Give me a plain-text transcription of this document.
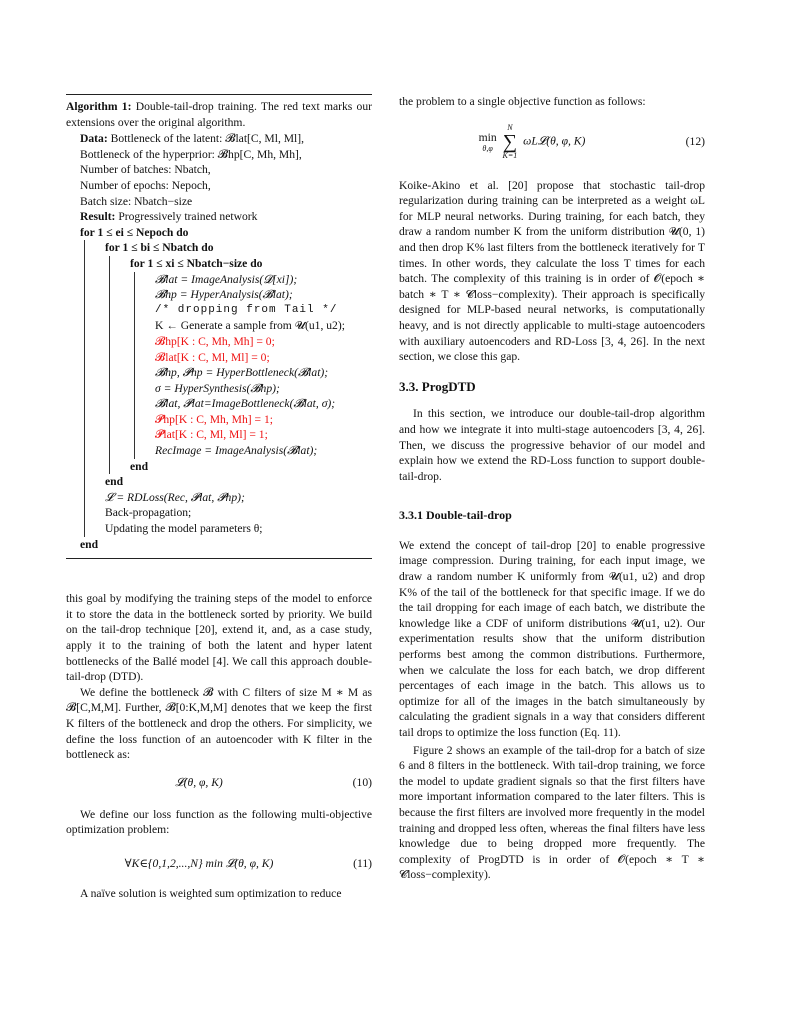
Algorithm 1: Double-tail-drop training. The red text marks our extensions over the original algorithm.
Data: Bottleneck of the latent: 𝓑lat[C, Ml, Ml],
Bottleneck of the hyperprior: 𝓑hp[C, Mh, Mh],
Number of batches: Nbatch,
Number of epochs: Nepoch,
Batch size: Nbatch−size
Result: Progressively trained network
for 1 ≤ ei ≤ Nepoch do
for 1 ≤ bi ≤ Nbatch do
for 1 ≤ xi ≤ Nbatch−size do
𝓑lat = ImageAnalysis(𝓓[xi]);
𝓑hp = HyperAnalysis(𝓑lat);
/* dropping from Tail */
K ← Generate a sample from 𝓤(u1, u2);
𝓑hp[K : C, Mh, Mh] = 0;
𝓑lat[K : C, Ml, Ml] = 0;
𝓑hp, 𝓟hp = HyperBottleneck(𝓑lat);
σ = HyperSynthesis(𝓑hp);
𝓑lat, 𝓟lat=ImageBottleneck(𝓑lat, σ);
𝓟hp[K : C, Mh, Mh] = 1;
𝓟lat[K : C, Ml, Ml] = 1;
RecImage = ImageAnalysis(𝓑lat);
end
end
𝓛 = RDLoss(Rec, 𝓟lat, 𝓟hp);
Back-propagation;
Updating the model parameters θ;
end

this goal by modifying the training steps of the model to enforce it to store the data in the bottleneck sorted by priority. We build on the tail-drop technique [20], extend it, and, as a case study, apply it to the training of both the latent and hyper latent bottlenecks of the Ballé model [4]. We call this approach double-tail-drop (DTD).

We define the bottleneck 𝓑 with C filters of size M ∗ M as 𝓑[C,M,M]. Further, 𝓑[0:K,M,M] denotes that we keep the first K filters of the bottleneck and drop the others. For simplicity, we define the loss function of an autoencoder with K filter in the bottleneck as:

𝓛(θ, φ, K)	(10)

We define our loss function as the following multi-objective optimization problem:

∀K∈{0,1,2,...,N} min 𝓛(θ, φ, K)	(11)

A naïve solution is weighted sum optimization to reduce

the problem to a single objective function as follows:

min
θ,φ

N
∑
K=1
ωL𝓛(θ, φ, K)	(12)

Koike-Akino et al. [20] propose that stochastic tail-drop regularization during training can be interpreted as a weight ωL for MLP neural networks. During training, for each batch, they draw a random number K from the uniform distribution 𝓤(0, 1) and then drop K% last filters from the bottleneck iteratively for T times. In other words, they calculate the loss T times for each batch. The complexity of this training is in order of 𝓞(epoch ∗ batch ∗ T ∗ 𝓒loss−complexity). Their approach is specifically designed for MLP-based neural networks, is computationally heavy, and is not directly applicable to multi-stage autoencoders with auxiliary autoencoders and RD-Loss [3, 4, 26]. In the next section, we close this gap.

3.3. ProgDTD

In this section, we introduce our double-tail-drop algorithm and how we integrate it into multi-stage autoencoders [3, 4, 26]. Then, we discuss the progressive behavior of our model and explain how we extend the RD-Loss function to support double-tail-drop.

3.3.1 Double-tail-drop

We extend the concept of tail-drop [20] to enable progressive image compression. During training, for each input image, we draw a random number K uniformly from 𝓤(u1, u2) and drop K% of the tail of the bottleneck for that specific image. If we do the tail dropping for each image of each batch, we distribute the knowledge like a CDF of uniform distributions 𝓤(u1, u2). Our experimentation results show that the uniform distribution performs best among the common distributions. Furthermore, when we calculate the loss for each batch, we drop different percentages of each image in the batch. This allows us to optimize for all of the images in the batch simultaneously by calculating the gradient signals in a way that considers different tail drops to optimize the loss function (Eq. 11).

Figure 2 shows an example of the tail-drop for a batch of size 6 and 8 filters in the bottleneck. With tail-drop training, we force the model to update gradient signals so that the first filters have more important information compared to the later filters. This is because the first filters are involved more frequently in the model training and dropped less often, whereas the final filters have less knowledge due to being dropped more frequently. The complexity of ProgDTD is in order of 𝓞(epoch ∗ T ∗ 𝓒loss−complexity).
